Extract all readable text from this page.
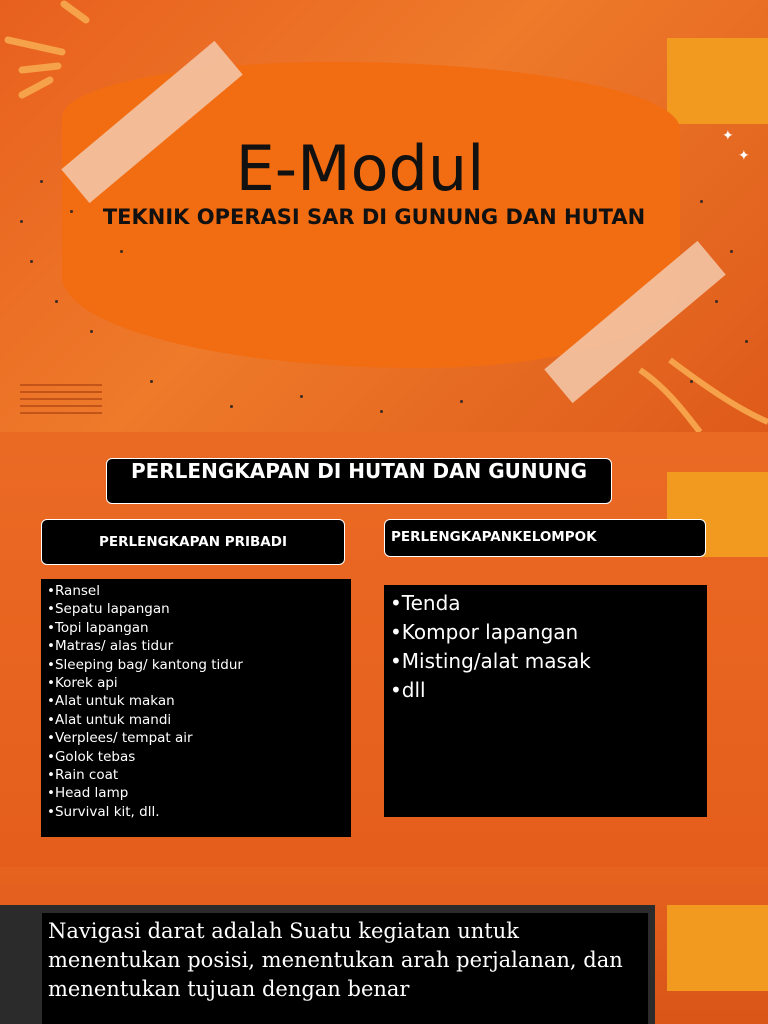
✦
✦
E-Modul
TEKNIK OPERASI SAR DI GUNUNG DAN HUTAN
PERLENGKAPAN DI HUTAN DAN GUNUNG
PERLENGKAPAN PRIBADI	PERLENGKAPANKELOMPOK
• Ransel
• Sepatu lapangan
• Topi lapangan
• Matras/ alas tidur
• Sleeping bag/ kantong tidur
• Korek api
• Alat untuk makan
• Alat untuk mandi
• Verplees/ tempat air
• Golok tebas
• Rain coat
• Head lamp
• Survival kit, dll.
• Tenda
• Kompor lapangan
• Misting/alat masak
• dll
Navigasi darat adalah Suatu kegiatan untuk menentukan posisi, menentukan arah perjalanan, dan menentukan tujuan dengan benar
